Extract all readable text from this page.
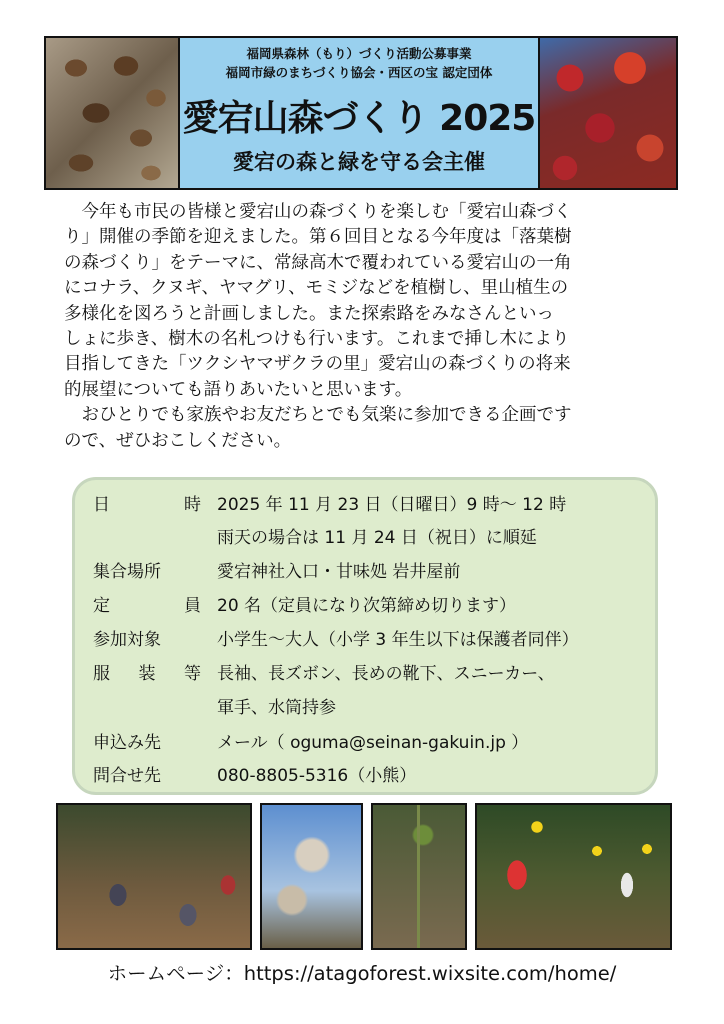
福岡県森林（もり）づくり活動公募事業
福岡市緑のまちづくり協会・西区の宝 認定団体
愛宕山森づくり 2025
愛宕の森と緑を守る会主催
今年も市民の皆様と愛宕山の森づくりを楽しむ「愛宕山森づく
り」開催の季節を迎えました。第６回目となる今年度は「落葉樹
の森づくり」をテーマに、常緑高木で覆われている愛宕山の一角
にコナラ、クヌギ、ヤマグリ、モミジなどを植樹し、里山植生の
多様化を図ろうと計画しました。また探索路をみなさんといっ
しょに歩き、樹木の名札つけも行います。これまで挿し木により
目指してきた「ツクシヤマザクラの里」愛宕山の森づくりの将来
的展望についても語りあいたいと思います。
おひとりでも家族やお友だちとでも気楽に参加できる企画です
ので、ぜひおこしください。
日	時 2025 年 11 月 23 日（日曜日）9 時～ 12 時
雨天の場合は 11 月 24 日（祝日）に順延
集合場所	愛宕神社入口・甘味処 岩井屋前
定	員 20 名（定員になり次第締め切ります）
参加対象	小学生～大人（小学 3 年生以下は保護者同伴）
服 装 等 長袖、長ズボン、長めの靴下、スニーカー、
軍手、水筒持参
申込み先	メール（ oguma@seinan-gakuin.jp ）
問合せ先	080-8805-5316（小熊）
ホームページ：https://atagoforest.wixsite.com/home/
